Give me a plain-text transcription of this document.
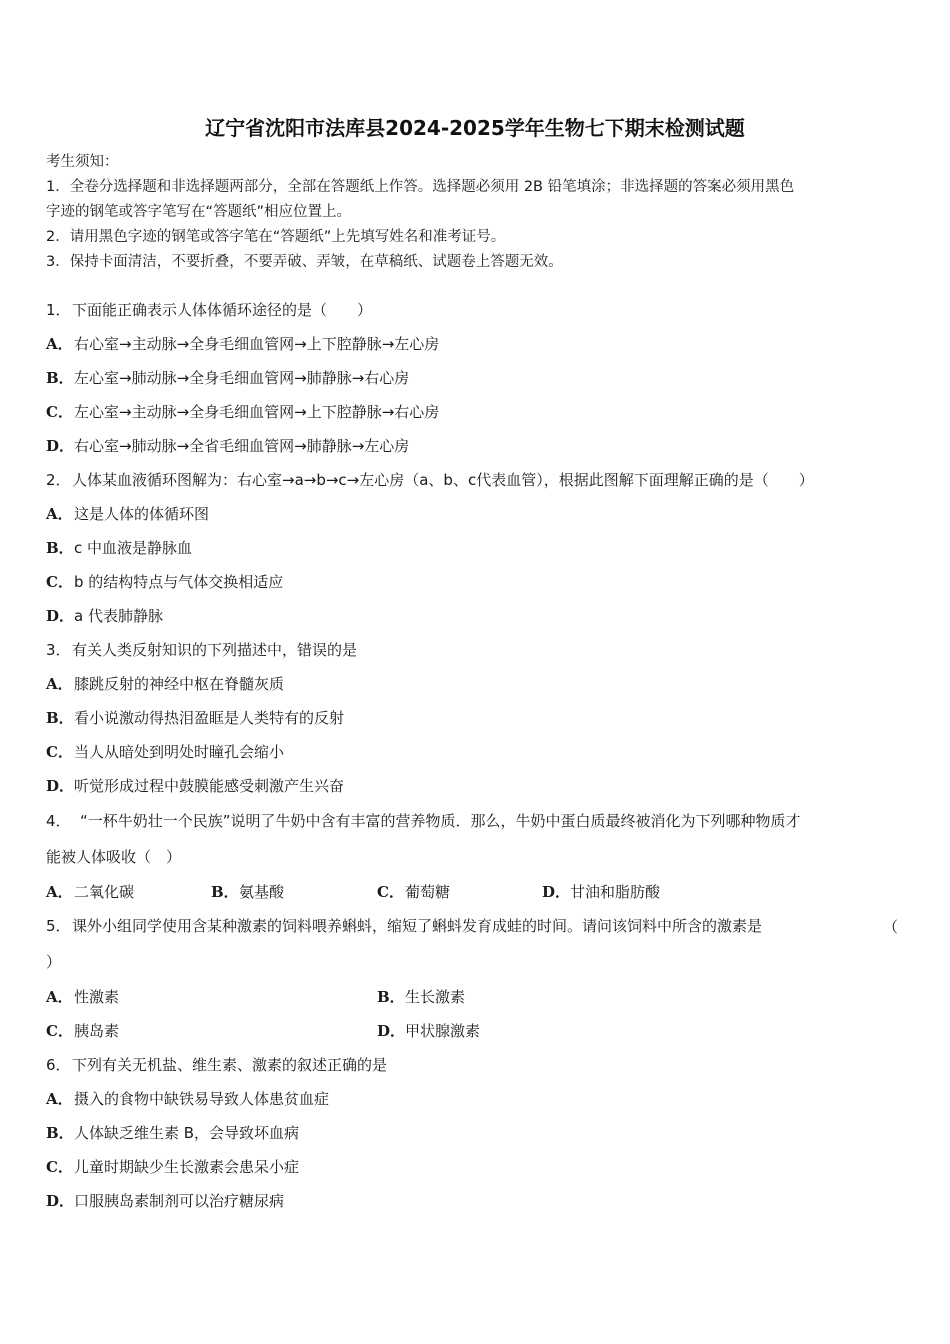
辽宁省沈阳市法库县2024-2025学年生物七下期末检测试题
考生须知：
1．全卷分选择题和非选择题两部分，全部在答题纸上作答。选择题必须用 2B 铅笔填涂；非选择题的答案必须用黑色
字迹的钢笔或答字笔写在“答题纸”相应位置上。
2．请用黑色字迹的钢笔或答字笔在“答题纸”上先填写姓名和准考证号。
3．保持卡面清洁，不要折叠，不要弄破、弄皱，在草稿纸、试题卷上答题无效。
1．下面能正确表示人体体循环途径的是（　　）
A．右心室→主动脉→全身毛细血管网→上下腔静脉→左心房
B．左心室→肺动脉→全身毛细血管网→肺静脉→右心房
C．左心室→主动脉→全身毛细血管网→上下腔静脉→右心房
D．右心室→肺动脉→全省毛细血管网→肺静脉→左心房
2．人体某血液循环图解为：右心室→a→b→c→左心房（a、b、c代表血管），根据此图解下面理解正确的是（　　）
A．这是人体的体循环图
B．c 中血液是静脉血
C．b 的结构特点与气体交换相适应
D．a 代表肺静脉
3．有关人类反射知识的下列描述中，错误的是
A．膝跳反射的神经中枢在脊髓灰质
B．看小说激动得热泪盈眶是人类特有的反射
C．当人从暗处到明处时瞳孔会缩小
D．听觉形成过程中鼓膜能感受刺激产生兴奋
4． “一杯牛奶壮一个民族”说明了牛奶中含有丰富的营养物质．那么，牛奶中蛋白质最终被消化为下列哪种物质才
能被人体吸收（　）
A．二氧化碳	B．氨基酸	C．葡萄糖	D．甘油和脂肪酸
5．课外小组同学使用含某种激素的饲料喂养蝌蚪，缩短了蝌蚪发育成蛙的时间。请问该饲料中所含的激素是	（
）
A．性激素	B．生长激素
C．胰岛素	D．甲状腺激素
6．下列有关无机盐、维生素、激素的叙述正确的是
A．摄入的食物中缺铁易导致人体患贫血症
B．人体缺乏维生素 B，会导致坏血病
C．儿童时期缺少生长激素会患呆小症
D．口服胰岛素制剂可以治疗糖尿病
